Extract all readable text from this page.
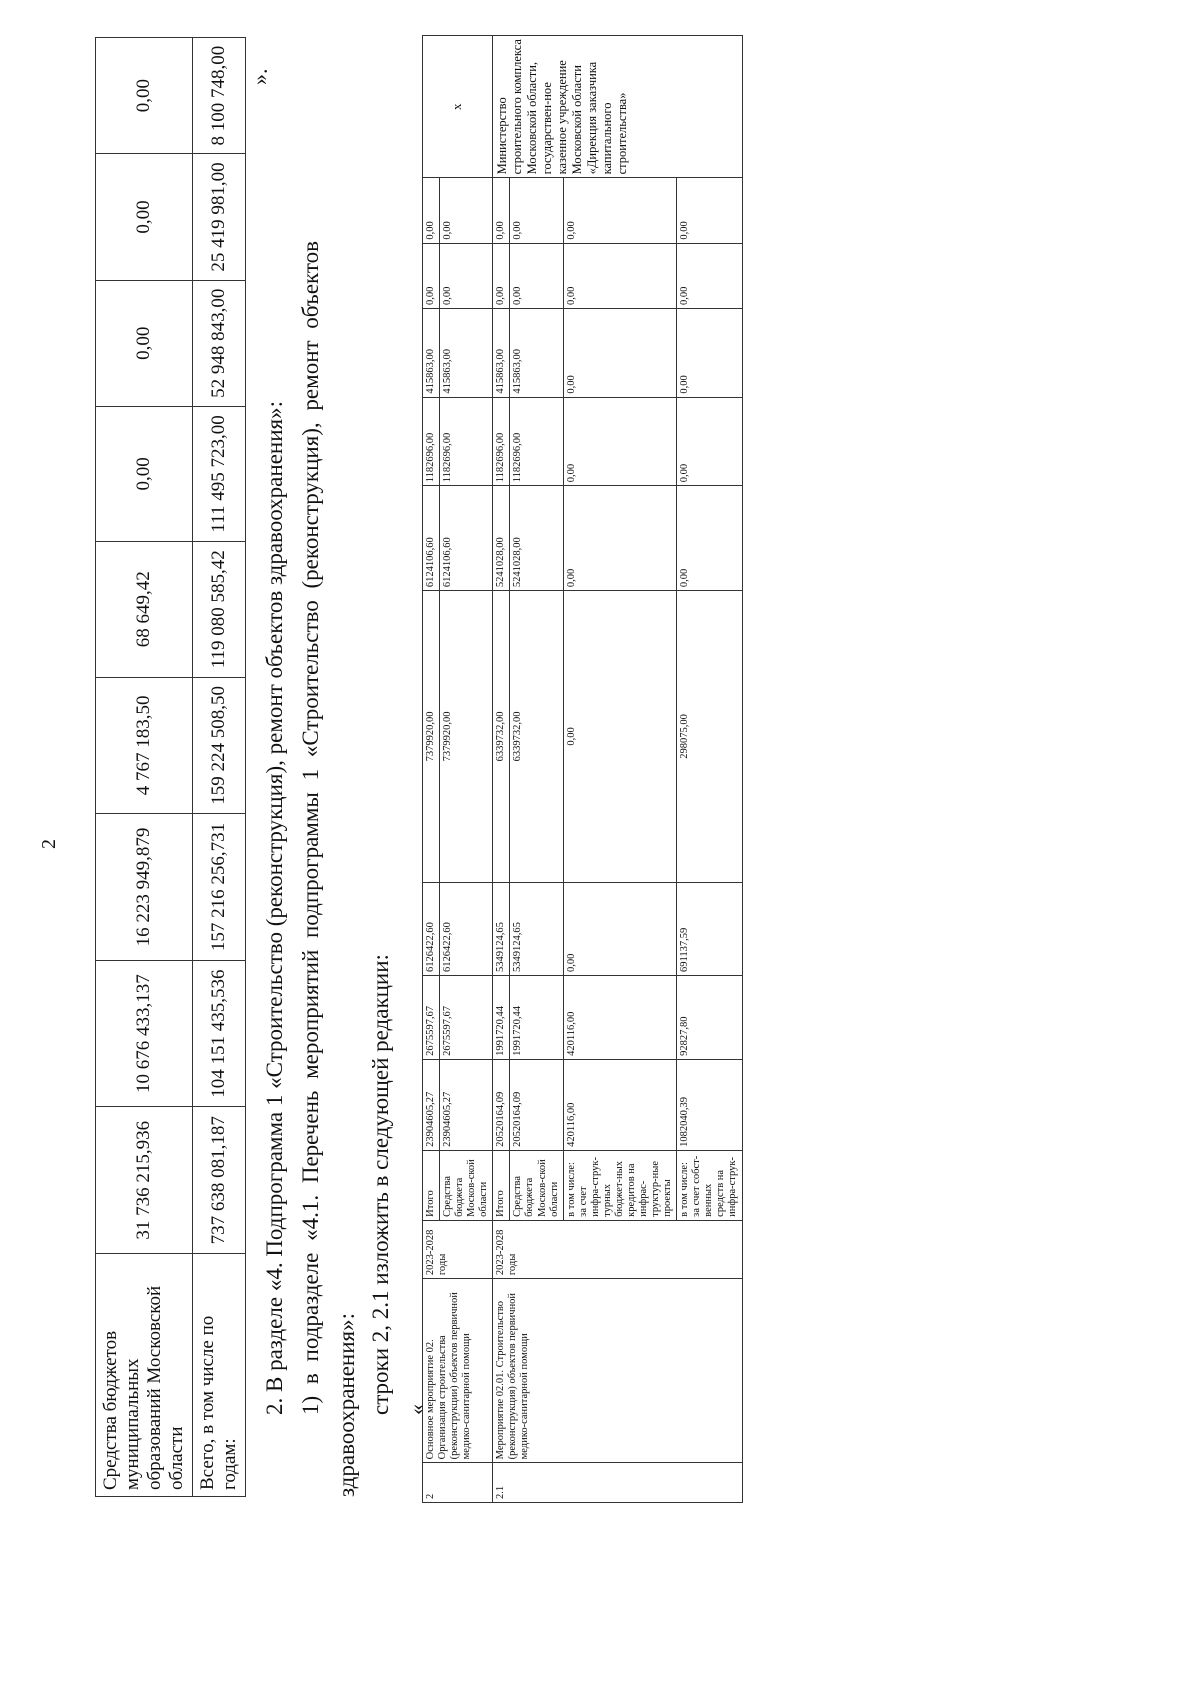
2
Средства бюджетов муниципальных образований Московской области	31 736 215,936	10 676 433,137	16 223 949,879	4 767 183,50	68 649,42	0,00	0,00	0,00	0,00
Всего, в том числе по годам:	737 638 081,187	104 151 435,536	157 216 256,731	159 224 508,50	119 080 585,42	111 495 723,00	52 948 843,00	25 419 981,00	8 100 748,00 ».
2. В разделе «4. Подпрограмма 1 «Строительство (реконструкция), ремонт объектов здравоохранения»: 1) в подразделе «4.1. Перечень мероприятий подпрограммы 1 «Строительство (реконструкция), ремонт объектов здравоохранения»: строки 2, 2.1 изложить в следующей редакции: «
2	Основное мероприятие 02. Организация строительства (реконструкции) объектов первичной медико-санитарной помощи	2023-2028 годы	Итого	23904605,27	2675597,67	6126422,60	7379920,00	6124106,60	1182696,00	415863,00	0,00	0,00	х
			Средства бюджета Москов-ской области	23904605,27	2675597,67	6126422,60	7379920,00	6124106,60	1182696,00	415863,00	0,00	0,00	
2.1	Мероприятие 02.01. Строительство (реконструкция) объектов первичной медико-санитарной помощи	2023-2028 годы	Итого	20520164,09	1991720,44	5349124,65	6339732,00	5241028,00	1182696,00	415863,00	0,00	0,00	Министерство строительного комплекса Московской области, государствен-ное казенное учреждение Московской области «Дирекция заказчика капитального строительства»
			Средства бюджета Москов-ской области	20520164,09	1991720,44	5349124,65	6339732,00	5241028,00	1182696,00	415863,00	0,00	0,00	
			в том числе: за счет инфра-струк-турных бюджет-ных кредитов на инфрас-труктур-ные проекты	420116,00	420116,00	0,00	0,00	0,00	0,00	0,00	0,00	0,00	
			в том числе: за счет собст-венных средств на инфра-струк-	1082040,39	92827,80	691137,59	298075,00	0,00	0,00	0,00	0,00	0,00	
